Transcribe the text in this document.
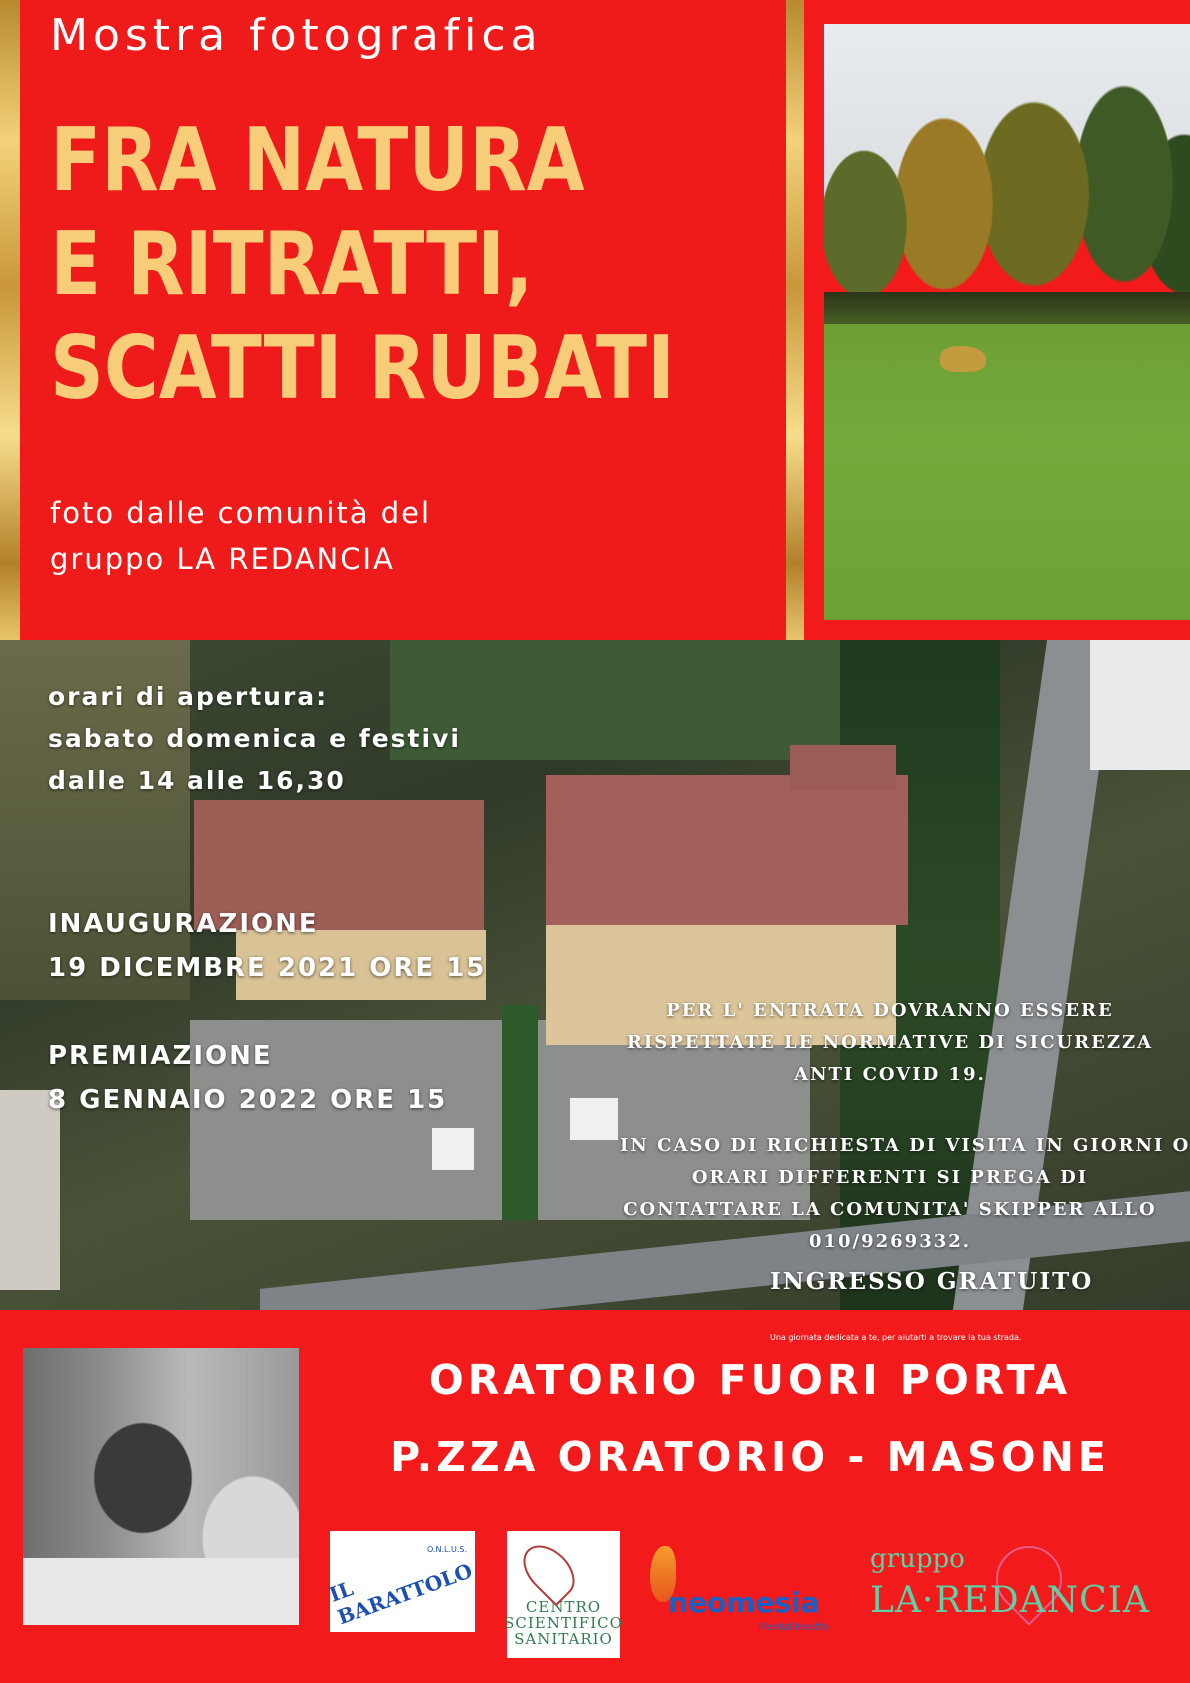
Mostra fotografica
FRA NATURA
E RITRATTI,
SCATTI RUBATI
foto dalle comunità del
gruppo LA REDANCIA
orari di apertura:
sabato domenica e festivi
dalle 14 alle 16,30
INAUGURAZIONE
19 DICEMBRE 2021 ORE 15
PREMIAZIONE
8 GENNAIO 2022 ORE 15
PER L' ENTRATA DOVRANNO ESSERE
RISPETTATE LE NORMATIVE DI SICUREZZA
ANTI COVID 19.
IN CASO DI RICHIESTA DI VISITA IN GIORNI O
ORARI DIFFERENTI SI PREGA DI
CONTATTARE LA COMUNITA' SKIPPER ALLO
010/9269332.
INGRESSO GRATUITO
Una giornata dedicata a te, per aiutarti a trovare la tua strada.
ORATORIO FUORI PORTA
P.ZZA ORATORIO - MASONE
O.N.L.U.S.
IL BARATTOLO	CENTRO
SCIENTIFICO
SANITARIO
neomesia
Mental Health
gruppo
LA·REDANCIA
